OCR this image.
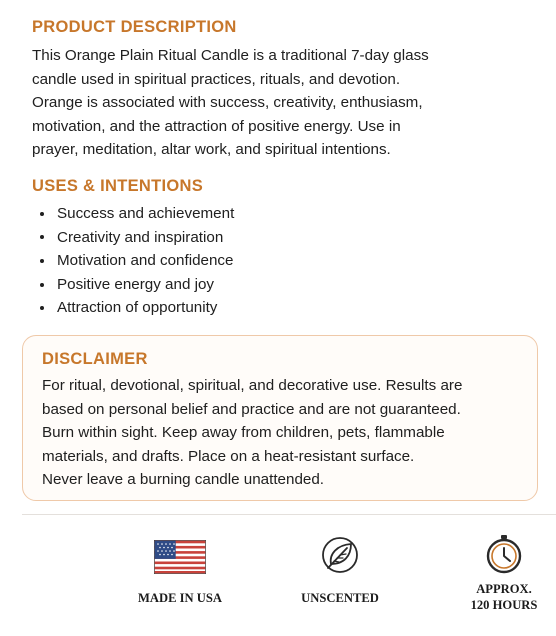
PRODUCT DESCRIPTION
This Orange Plain Ritual Candle is a traditional 7-day glass
candle used in spiritual practices, rituals, and devotion.
Orange is associated with success, creativity, enthusiasm,
motivation, and the attraction of positive energy. Use in
prayer, meditation, altar work, and spiritual intentions.
USES & INTENTIONS
Success and achievement
Creativity and inspiration
Motivation and confidence
Positive energy and joy
Attraction of opportunity
DISCLAIMER
For ritual, devotional, spiritual, and decorative use. Results are
based on personal belief and practice and are not guaranteed.
Burn within sight. Keep away from children, pets, flammable
materials, and drafts. Place on a heat-resistant surface.
Never leave a burning candle unattended.
MADE IN USA	UNSCENTED
APPROX.
120 HOURS
